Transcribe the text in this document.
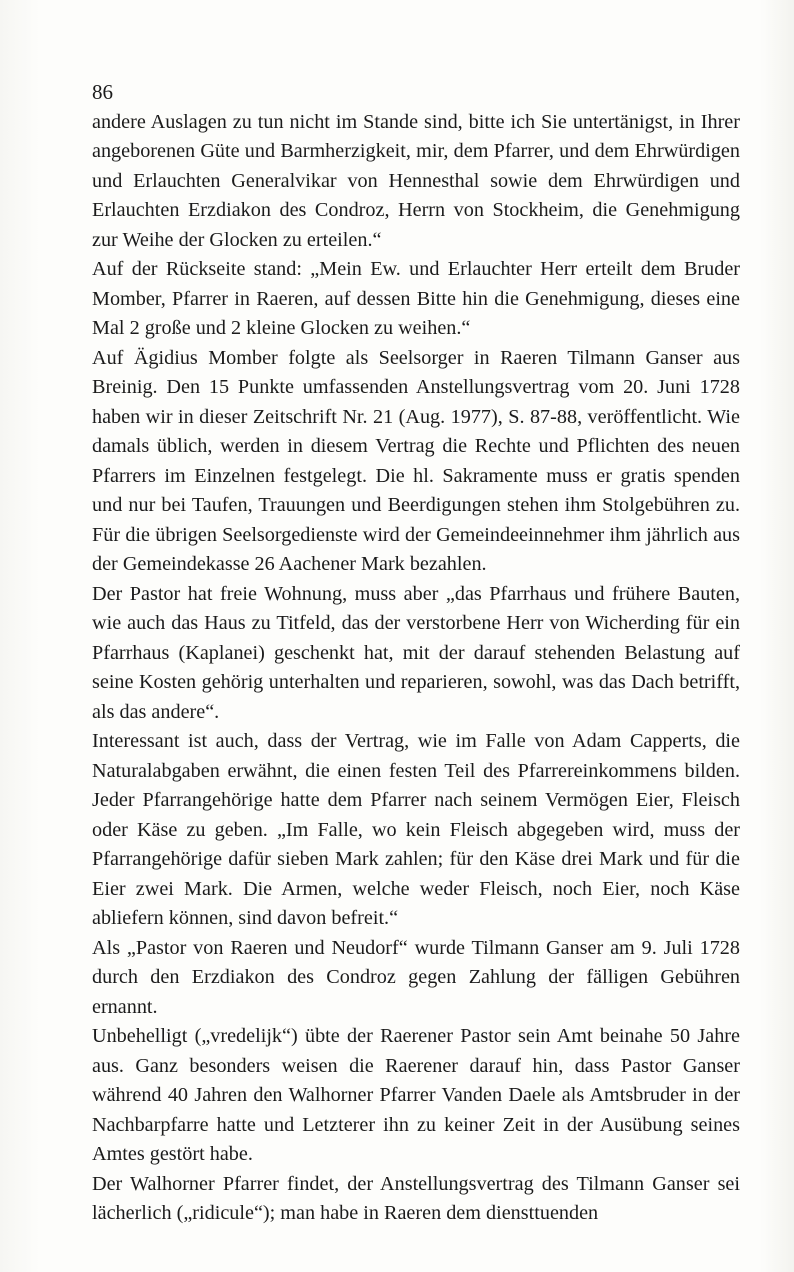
86

andere Auslagen zu tun nicht im Stande sind, bitte ich Sie untertänigst, in Ihrer angeborenen Güte und Barmherzigkeit, mir, dem Pfarrer, und dem Ehrwürdigen und Erlauchten Generalvikar von Hennesthal sowie dem Ehrwürdigen und Erlauchten Erzdiakon des Condroz, Herrn von Stockheim, die Genehmigung zur Weihe der Glocken zu erteilen.“

Auf der Rückseite stand: „Mein Ew. und Erlauchter Herr erteilt dem Bruder Momber, Pfarrer in Raeren, auf dessen Bitte hin die Genehmigung, dieses eine Mal 2 große und 2 kleine Glocken zu weihen.“

Auf Ägidius Momber folgte als Seelsorger in Raeren Tilmann Ganser aus Breinig. Den 15 Punkte umfassenden Anstellungsvertrag vom 20. Juni 1728 haben wir in dieser Zeitschrift Nr. 21 (Aug. 1977), S. 87-88, veröffentlicht. Wie damals üblich, werden in diesem Vertrag die Rechte und Pflichten des neuen Pfarrers im Einzelnen festgelegt. Die hl. Sakramente muss er gratis spenden und nur bei Taufen, Trauungen und Beerdigungen stehen ihm Stolgebühren zu. Für die übrigen Seelsorgedienste wird der Gemeindeeinnehmer ihm jährlich aus der Gemeindekasse 26 Aachener Mark bezahlen.

Der Pastor hat freie Wohnung, muss aber „das Pfarrhaus und frühere Bauten, wie auch das Haus zu Titfeld, das der verstorbene Herr von Wicherding für ein Pfarrhaus (Kaplanei) geschenkt hat, mit der darauf stehenden Belastung auf seine Kosten gehörig unterhalten und reparieren, sowohl, was das Dach betrifft, als das andere“.

Interessant ist auch, dass der Vertrag, wie im Falle von Adam Capperts, die Naturalabgaben erwähnt, die einen festen Teil des Pfarrereinkommens bilden. Jeder Pfarrangehörige hatte dem Pfarrer nach seinem Vermögen Eier, Fleisch oder Käse zu geben. „Im Falle, wo kein Fleisch abgegeben wird, muss der Pfarrangehörige dafür sieben Mark zahlen; für den Käse drei Mark und für die Eier zwei Mark. Die Armen, welche weder Fleisch, noch Eier, noch Käse abliefern können, sind davon befreit.“

Als „Pastor von Raeren und Neudorf“ wurde Tilmann Ganser am 9. Juli 1728 durch den Erzdiakon des Condroz gegen Zahlung der fälligen Gebühren ernannt.

Unbehelligt („vredelijk“) übte der Raerener Pastor sein Amt beinahe 50 Jahre aus. Ganz besonders weisen die Raerener darauf hin, dass Pastor Ganser während 40 Jahren den Walhorner Pfarrer Vanden Daele als Amtsbruder in der Nachbarpfarre hatte und Letzterer ihn zu keiner Zeit in der Ausübung seines Amtes gestört habe.

Der Walhorner Pfarrer findet, der Anstellungsvertrag des Tilmann Ganser sei lächerlich („ridicule“); man habe in Raeren dem diensttuenden
